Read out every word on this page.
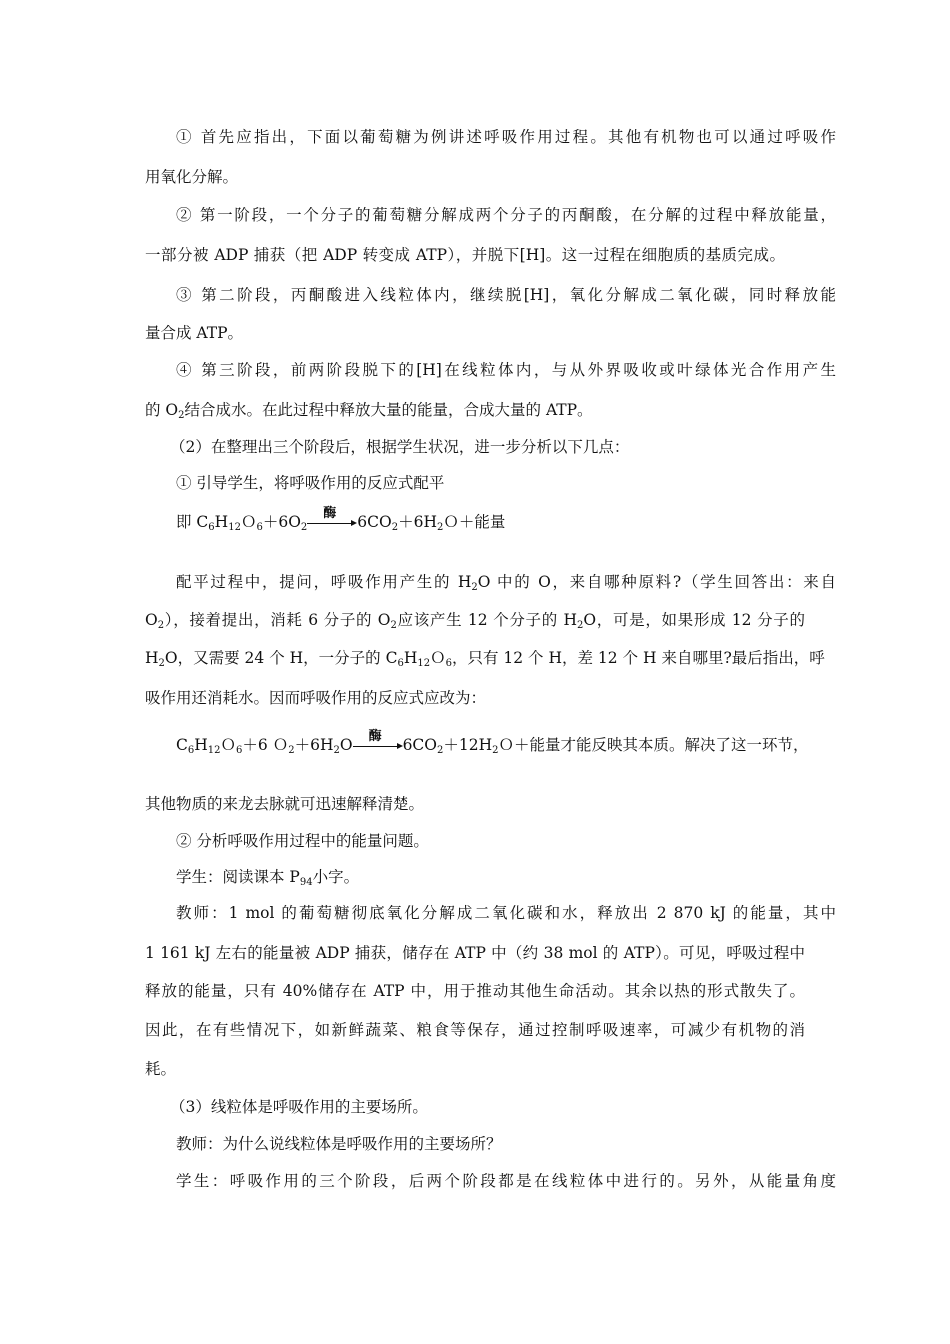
① 首先应指出，下面以葡萄糖为例讲述呼吸作用过程。其他有机物也可以通过呼吸作
用氧化分解。
② 第一阶段，一个分子的葡萄糖分解成两个分子的丙酮酸，在分解的过程中释放能量，
一部分被 ADP 捕获（把 ADP 转变成 ATP），并脱下[H]。这一过程在细胞质的基质完成。
③ 第二阶段，丙酮酸进入线粒体内，继续脱[H]，氧化分解成二氧化碳，同时释放能
量合成 ATP。
④ 第三阶段，前两阶段脱下的[H]在线粒体内，与从外界吸收或叶绿体光合作用产生
的 $O_2$结合成水。在此过程中释放大量的能量，合成大量的 ATP。
（2）在整理出三个阶段后，根据学生状况，进一步分析以下几点：
① 引导学生，将呼吸作用的反应式配平
即 $C_6H_{12}O_6+6O_2$
酶 $6CO_2+6H_2O+$能量
配平过程中，提问，呼吸作用产生的 $H_2O$ 中的 O，来自哪种原料?（学生回答出：来自
$O_2$），接着提出，消耗 6 分子的 $O_2$应该产生 12 个分子的 $H_2O$，可是，如果形成 12 分子的
$H_2O$，又需要 24 个 H，一分子的 $C_6H_{12}O_6$，只有 12 个 H，差 12 个 H 来自哪里?最后指出，呼
吸作用还消耗水。因而呼吸作用的反应式应改为：
$C_6H_{12}O_6+6$ $O_2+6H_2O$ 酶 $6CO_2+12H_2O+$能量才能反映其本质。解决了这一环节，
其他物质的来龙去脉就可迅速解释清楚。
② 分析呼吸作用过程中的能量问题。
学生：阅读课本 $P_{94}$小字。
教师：1 mol 的葡萄糖彻底氧化分解成二氧化碳和水，释放出 2 870 kJ 的能量，其中
1 161 kJ 左右的能量被 ADP 捕获，储存在 ATP 中（约 38 mol 的 ATP）。可见，呼吸过程中
释放的能量，只有 40%储存在 ATP 中，用于推动其他生命活动。其余以热的形式散失了。
因此，在有些情况下，如新鲜蔬菜、粮食等保存，通过控制呼吸速率，可减少有机物的消
耗。
（3）线粒体是呼吸作用的主要场所。
教师：为什么说线粒体是呼吸作用的主要场所？
学生：呼吸作用的三个阶段，后两个阶段都是在线粒体中进行的。另外，从能量角度
